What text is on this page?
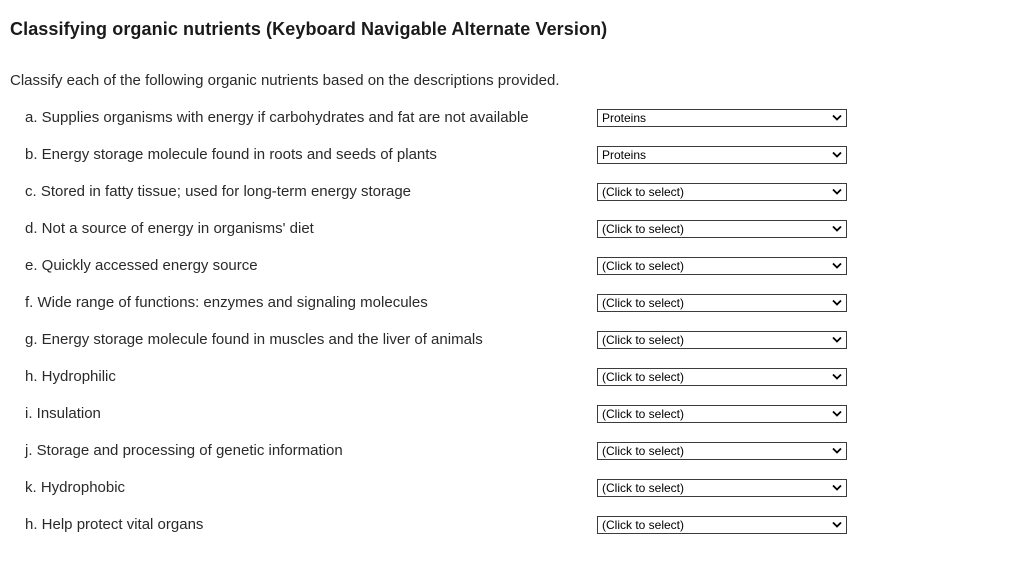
Classifying organic nutrients (Keyboard Navigable Alternate Version)

Classify each of the following organic nutrients based on the descriptions provided.

a. Supplies organisms with energy if carbohydrates and fat are not available	Proteins
b. Energy storage molecule found in roots and seeds of plants	Proteins
c. Stored in fatty tissue; used for long-term energy storage	(Click to select)
d. Not a source of energy in organisms' diet	(Click to select)
e. Quickly accessed energy source	(Click to select)
f. Wide range of functions: enzymes and signaling molecules	(Click to select)
g. Energy storage molecule found in muscles and the liver of animals	(Click to select)
h. Hydrophilic	(Click to select)
i. Insulation	(Click to select)
j. Storage and processing of genetic information	(Click to select)
k. Hydrophobic	(Click to select)
h. Help protect vital organs	(Click to select)
